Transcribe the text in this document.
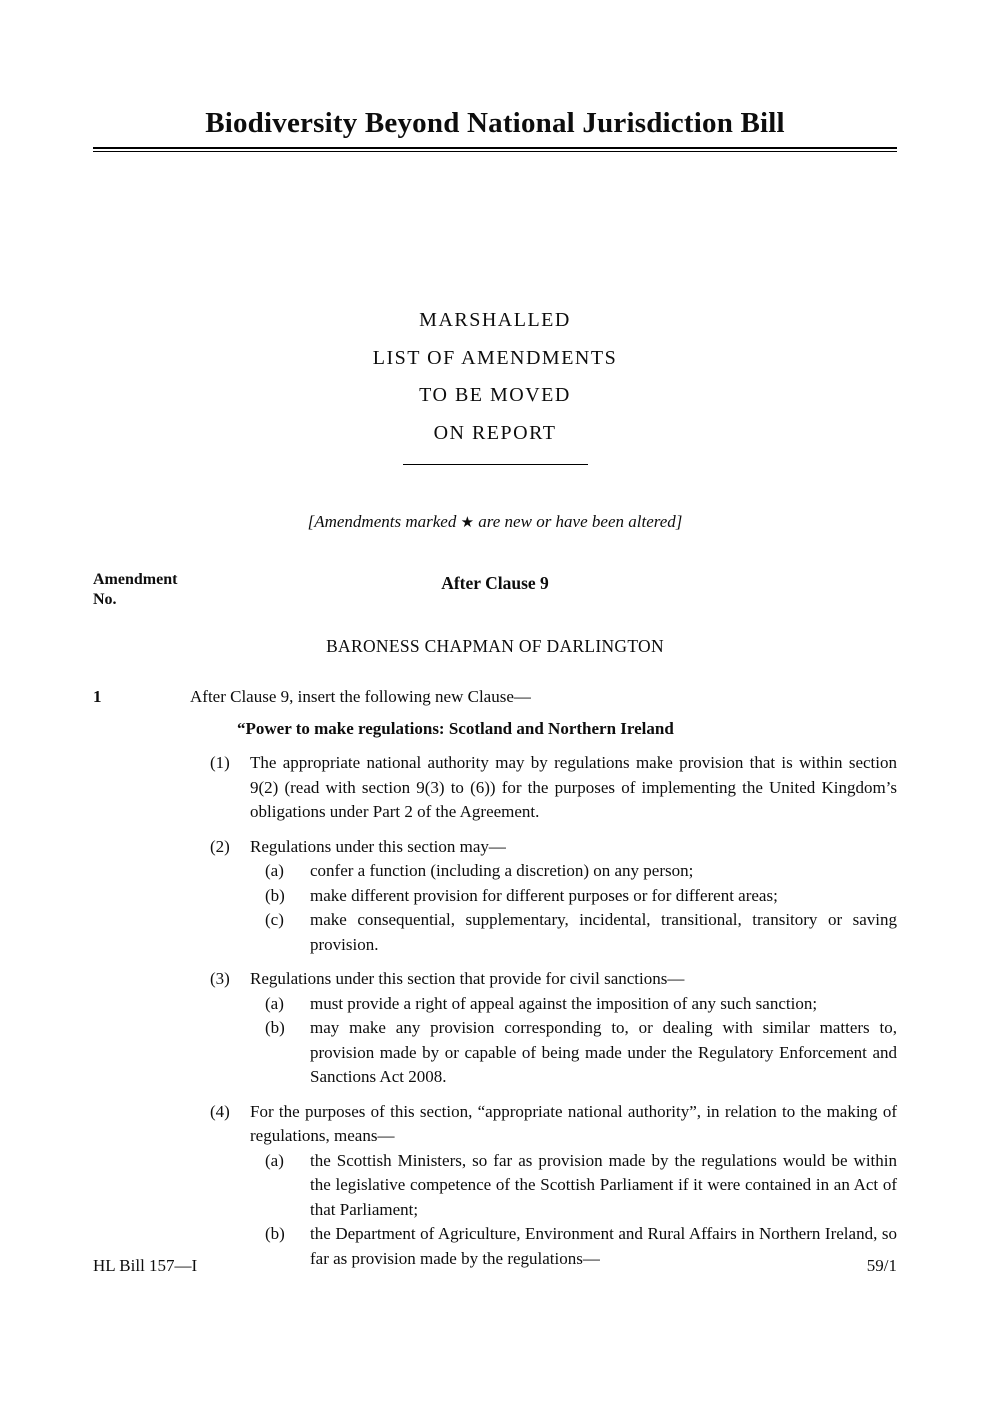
Biodiversity Beyond National Jurisdiction Bill
MARSHALLED
LIST OF AMENDMENTS
TO BE MOVED
ON REPORT

[Amendments marked ★ are new or have been altered]

Amendment
No.
After Clause 9
BARONESS CHAPMAN OF DARLINGTON
1	After Clause 9, insert the following new Clause—
“Power to make regulations: Scotland and Northern Ireland
(1)	The appropriate national authority may by regulations make provision that is within section 9(2) (read with section 9(3) to (6)) for the purposes of implementing the United Kingdom’s obligations under Part 2 of the Agreement.

(2)	Regulations under this section may—

(a)	confer a function (including a discretion) on any person;

(b)	make different provision for different purposes or for different areas;

(c)	make consequential, supplementary, incidental, transitional, transitory or saving provision.

(3)	Regulations under this section that provide for civil sanctions—

(a)	must provide a right of appeal against the imposition of any such sanction;

(b)	may make any provision corresponding to, or dealing with similar matters to, provision made by or capable of being made under the Regulatory Enforcement and Sanctions Act 2008.

(4)	For the purposes of this section, “appropriate national authority”, in relation to the making of regulations, means—

(a)	the Scottish Ministers, so far as provision made by the regulations would be within the legislative competence of the Scottish Parliament if it were contained in an Act of that Parliament;

(b)	the Department of Agriculture, Environment and Rural Affairs in Northern Ireland, so far as provision made by the regulations—

HL Bill 157—I	59/1
